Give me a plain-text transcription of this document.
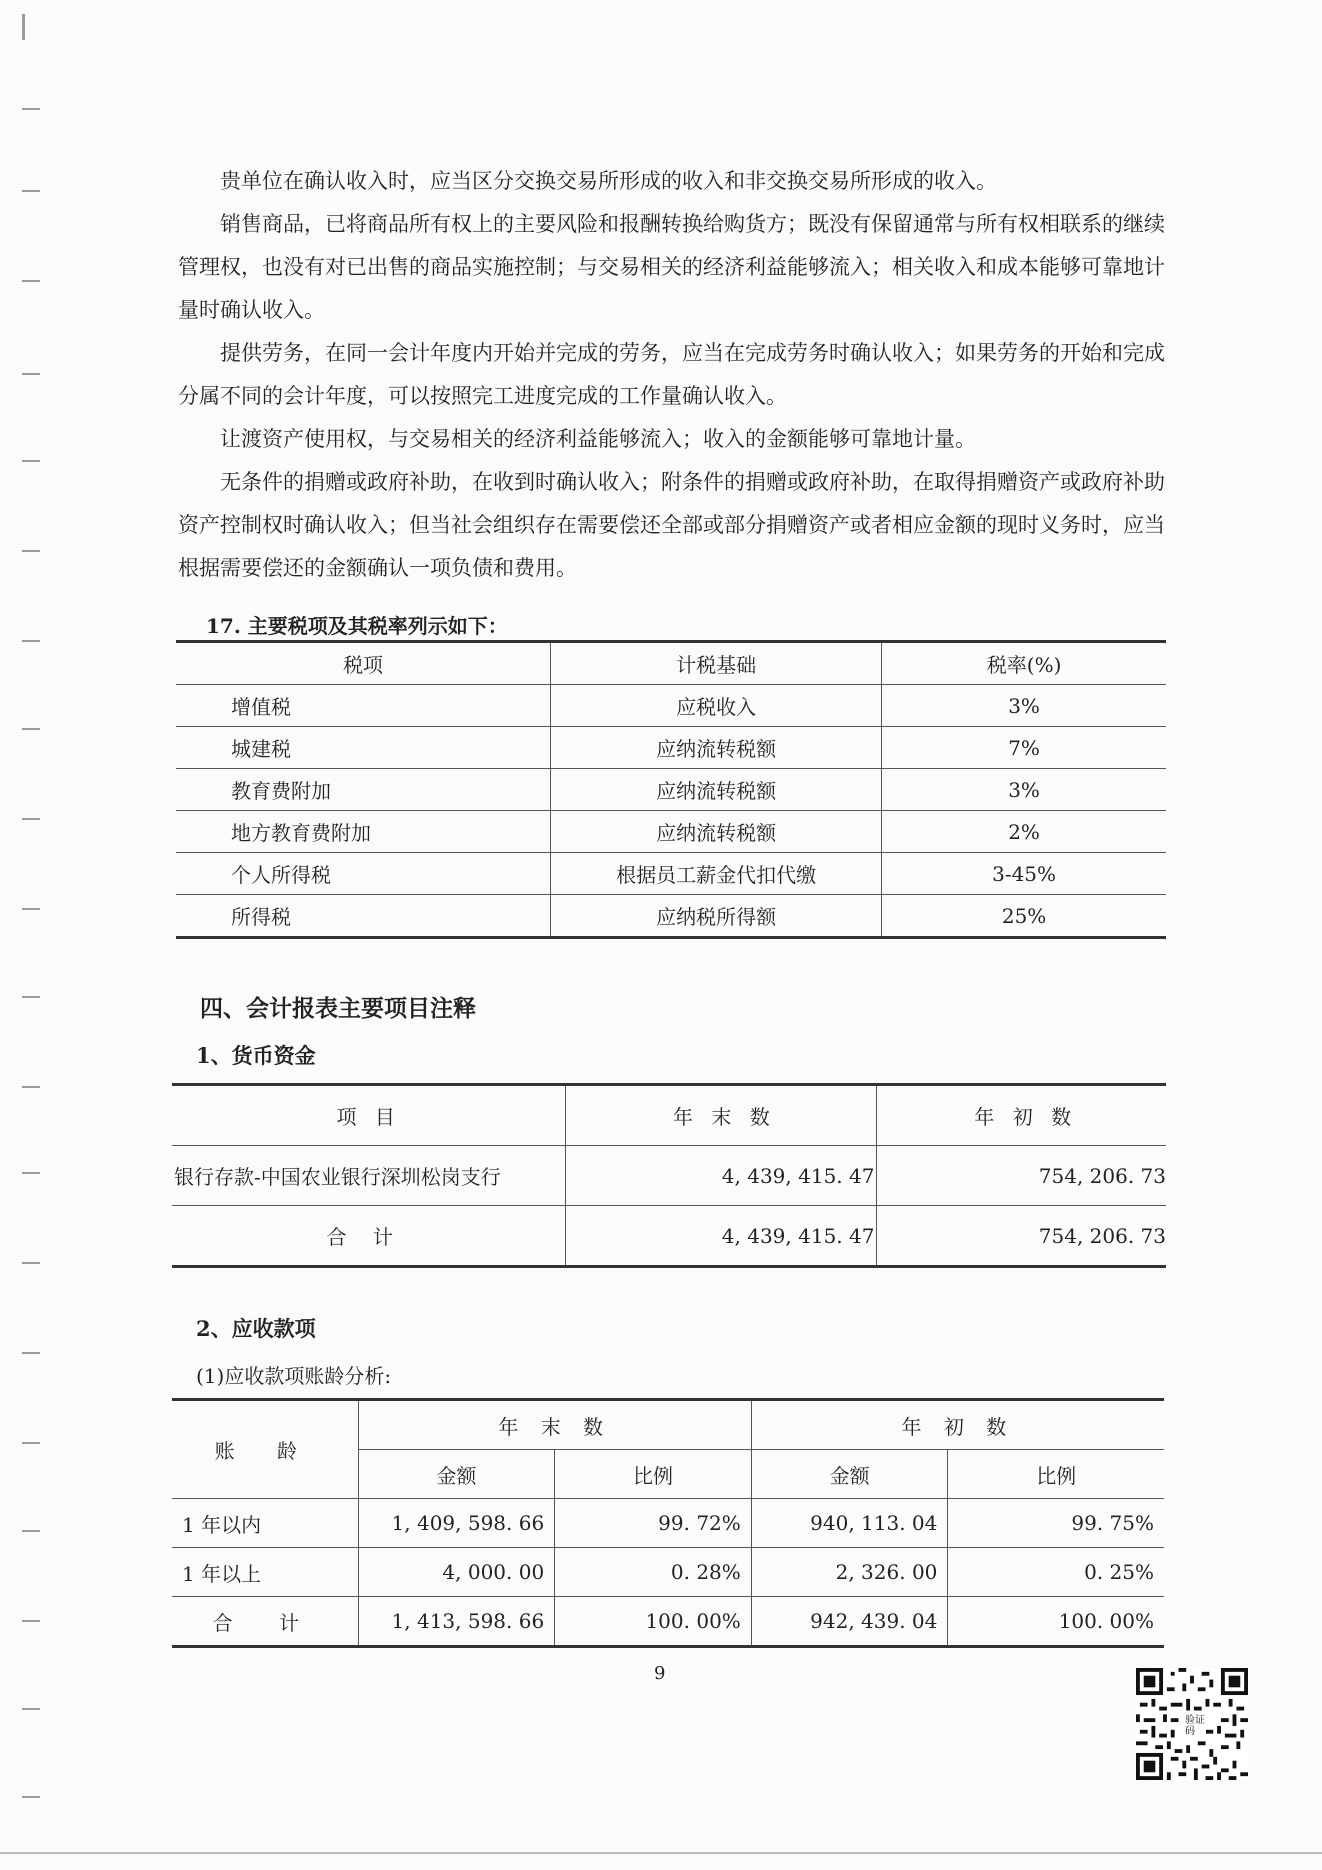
贵单位在确认收入时，应当区分交换交易所形成的收入和非交换交易所形成的收入。

销售商品，已将商品所有权上的主要风险和报酬转换给购货方；既没有保留通常与所有权相联系的继续管理权，也没有对已出售的商品实施控制；与交易相关的经济利益能够流入；相关收入和成本能够可靠地计量时确认收入。

提供劳务，在同一会计年度内开始并完成的劳务，应当在完成劳务时确认收入；如果劳务的开始和完成分属不同的会计年度，可以按照完工进度完成的工作量确认收入。

让渡资产使用权，与交易相关的经济利益能够流入；收入的金额能够可靠地计量。

无条件的捐赠或政府补助，在收到时确认收入；附条件的捐赠或政府补助，在取得捐赠资产或政府补助资产控制权时确认收入；但当社会组织存在需要偿还全部或部分捐赠资产或者相应金额的现时义务时，应当根据需要偿还的金额确认一项负债和费用。

17. 主要税项及其税率列示如下：
税项	计税基础	税率(%)
增值税	应税收入	3%
城建税	应纳流转税额	7%
教育费附加	应纳流转税额	3%
地方教育费附加	应纳流转税额	2%
个人所得税	根据员工薪金代扣代缴	3-45%
所得税	应纳税所得额	25%
四、会计报表主要项目注释
1、货币资金
项 目	年 末 数	年 初 数
银行存款-中国农业银行深圳松岗支行	4, 439, 415. 47	754, 206. 73
合 计	4, 439, 415. 47	754, 206. 73
2、应收款项
(1)应收款项账龄分析:
账 龄	年 末 数		年 初 数	
	金额	比例	金额	比例
1 年以内	1, 409, 598. 66	99. 72%	940, 113. 04	99. 75%
1 年以上	4, 000. 00	0. 28%	2, 326. 00	0. 25%
合 计	1, 413, 598. 66	100. 00%	942, 439. 04	100. 00%
9
验证
码
